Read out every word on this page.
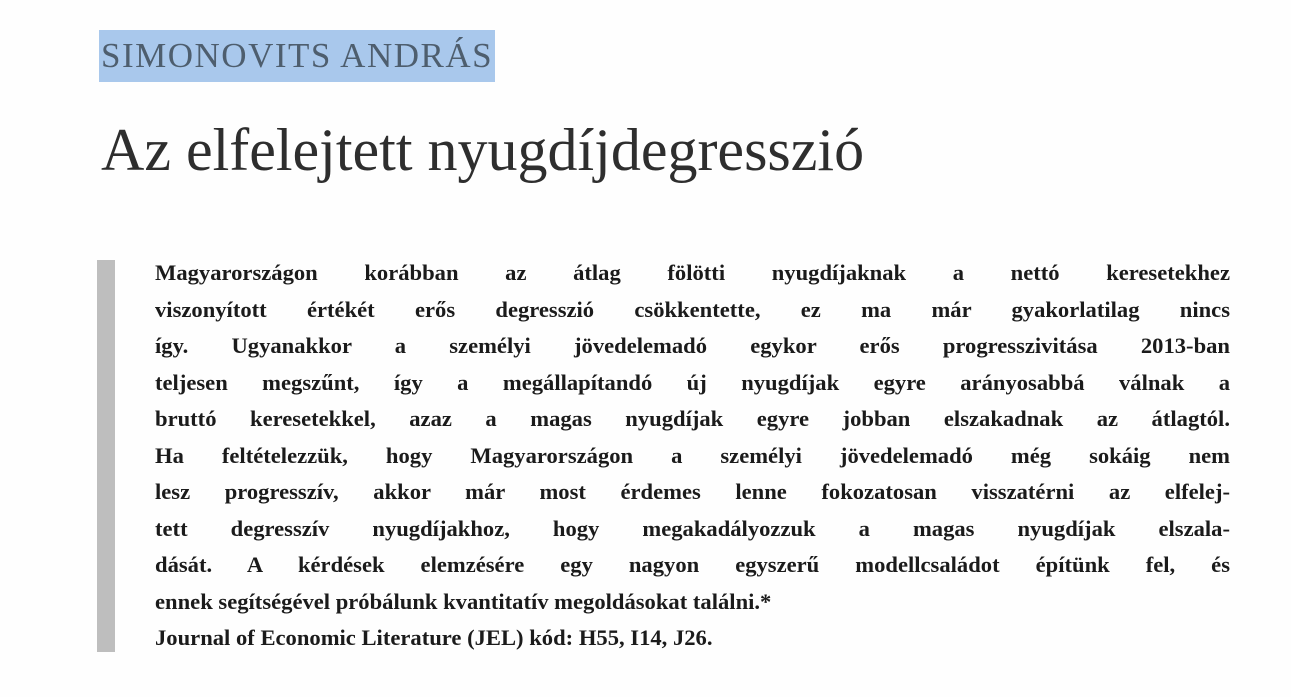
SIMONOVITS ANDRÁS
Az elfelejtett nyugdíjdegresszió
Magyarországon korábban az átlag fölötti nyugdíjaknak a nettó keresetekhez
viszonyított értékét erős degresszió csökkentette, ez ma már gyakorlatilag nincs
így. Ugyanakkor a személyi jövedelemadó egykor erős progresszivitása 2013-ban
teljesen megszűnt, így a megállapítandó új nyugdíjak egyre arányosabbá válnak a
bruttó keresetekkel, azaz a magas nyugdíjak egyre jobban elszakadnak az átlagtól.
Ha feltételezzük, hogy Magyarországon a személyi jövedelemadó még sokáig nem
lesz progresszív, akkor már most érdemes lenne fokozatosan visszatérni az elfelej-
tett degresszív nyugdíjakhoz, hogy megakadályozzuk a magas nyugdíjak elszala-
dását. A kérdések elemzésére egy nagyon egyszerű modellcsaládot építünk fel, és
ennek segítségével próbálunk kvantitatív megoldásokat találni.*
Journal of Economic Literature (JEL) kód: H55, I14, J26.
